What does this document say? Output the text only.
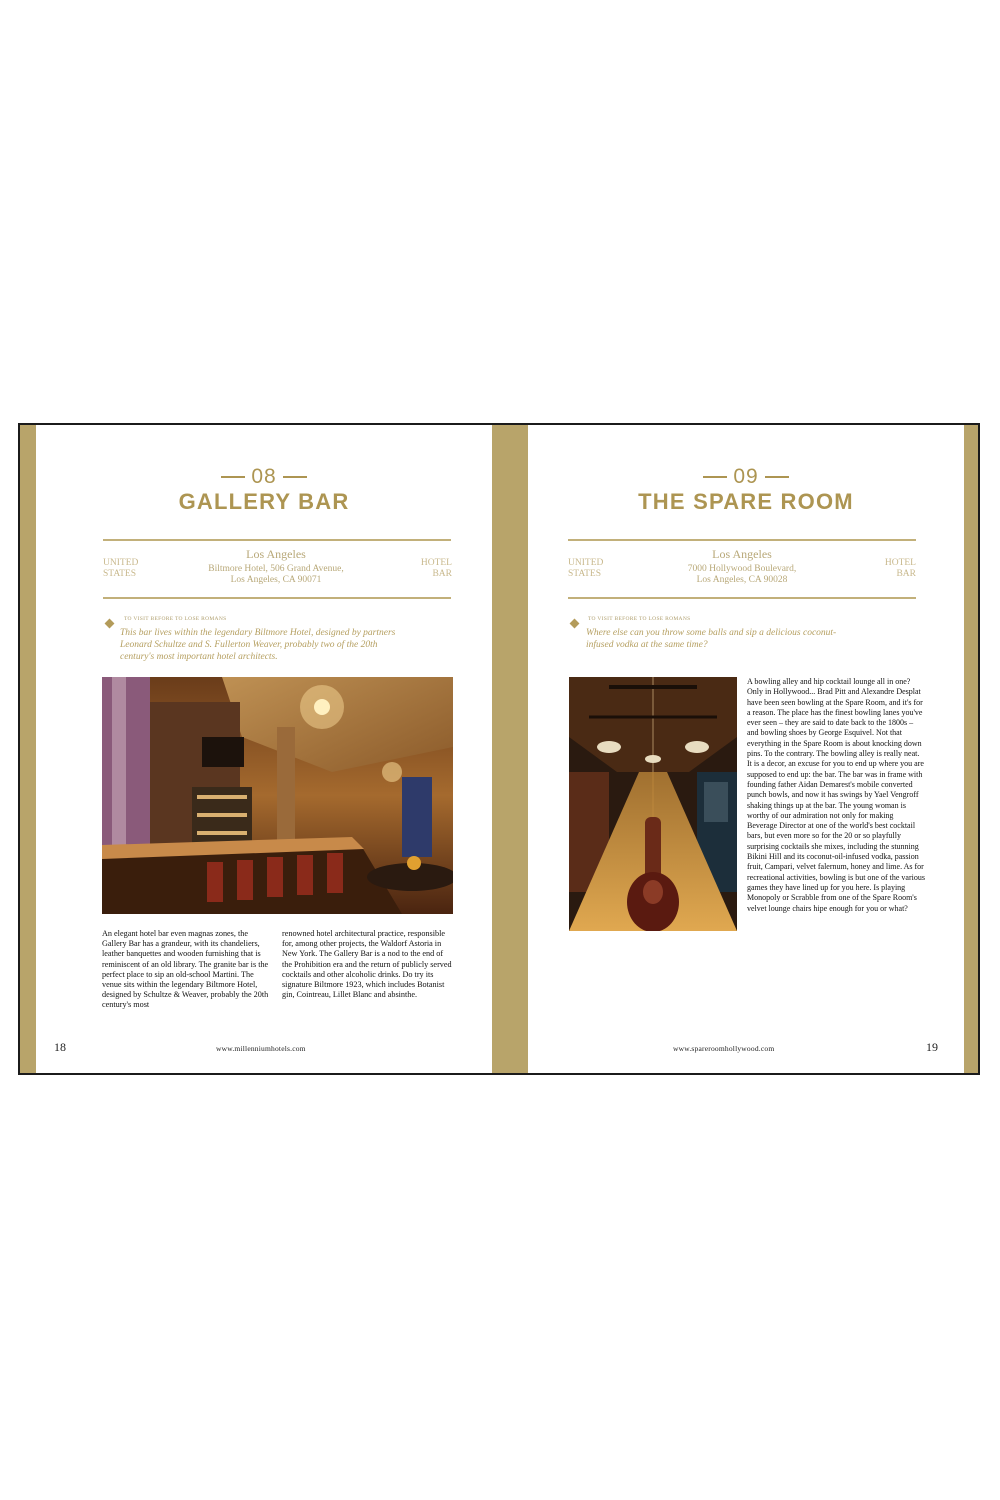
08
GALLERY BAR
UNITED
STATES
Los Angeles
Biltmore Hotel, 506 Grand Avenue,
Los Angeles, CA 90071
HOTEL
BAR
TO VISIT BEFORE TO LOSE ROMANS
This bar lives within the legendary Biltmore Hotel, designed by partners Leonard Schultze and S. Fullerton Weaver, probably two of the 20th century's most important hotel architects.
An elegant hotel bar even magnas zones, the Gallery Bar has a grandeur, with its chandeliers, leather banquettes and wooden furnishing that is reminiscent of an old library. The granite bar is the perfect place to sip an old-school Martini. The venue sits within the legendary Biltmore Hotel, designed by Schultze & Weaver, probably the 20th century's most
renowned hotel architectural practice, responsible for, among other projects, the Waldorf Astoria in New York. The Gallery Bar is a nod to the end of the Prohibition era and the return of publicly served cocktails and other alcoholic drinks. Do try its signature Biltmore 1923, which includes Botanist gin, Cointreau, Lillet Blanc and absinthe.
18	www.millenniumhotels.com
09
THE SPARE ROOM
UNITED
STATES
Los Angeles
7000 Hollywood Boulevard,
Los Angeles, CA 90028
HOTEL
BAR
TO VISIT BEFORE TO LOSE ROMANS
Where else can you throw some balls and sip a delicious coconut-infused vodka at the same time?
A bowling alley and hip cocktail lounge all in one? Only in Hollywood... Brad Pitt and Alexandre Desplat have been seen bowling at the Spare Room, and it's for a reason. The place has the finest bowling lanes you've ever seen – they are said to date back to the 1800s – and bowling shoes by George Esquivel. Not that everything in the Spare Room is about knocking down pins. To the contrary. The bowling alley is really neat. It is a decor, an excuse for you to end up where you are supposed to end up: the bar. The bar was in frame with founding father Aidan Demarest's mobile converted punch bowls, and now it has swings by Yael Vengroff shaking things up at the bar. The young woman is worthy of our admiration not only for making Beverage Director at one of the world's best cocktail bars, but even more so for the 20 or so playfully surprising cocktails she mixes, including the stunning Bikini Hill and its coconut-oil-infused vodka, passion fruit, Campari, velvet falernum, honey and lime. As for recreational activities, bowling is but one of the various games they have lined up for you here. Is playing Monopoly or Scrabble from one of the Spare Room's velvet lounge chairs hipe enough for you or what?
www.spareroomhollywood.com	19
